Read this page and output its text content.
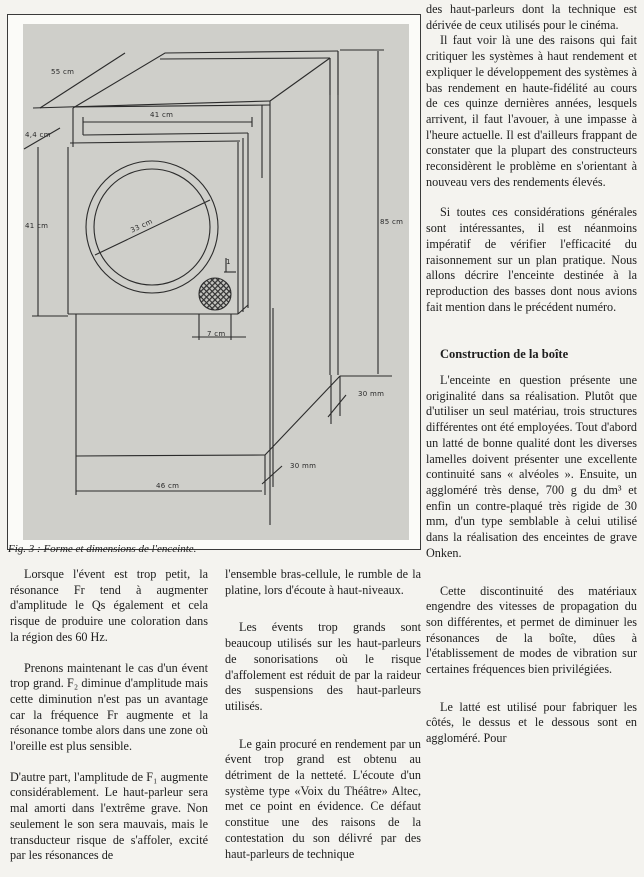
55 cm
41 cm
4,4 cm
41 cm	33 cm	85 cm
1
7 cm
30 mm
30 mm
46 cm
Fig. 3 : Forme et dimensions de l'enceinte.

Lorsque l'évent est trop petit, la résonance Fr tend à augmenter d'amplitude le Qs également et cela risque de produire une coloration dans la région des 60 Hz.

Prenons maintenant le cas d'un évent trop grand. F₂ diminue d'amplitude mais cette diminution n'est pas un avantage car la fréquence Fr augmente et la résonance tombe alors dans une zone où l'oreille est plus sensible.

D'autre part, l'amplitude de F₁ augmente considérablement. Le haut-parleur sera mal amorti dans l'extrême grave. Non seulement le son sera mauvais, mais le transducteur risque de s'affoler, excité par les résonances de

l'ensemble bras-cellule, le rumble de la platine, lors d'écoute à haut-niveaux.

Les évents trop grands sont beaucoup utilisés sur les haut-parleurs de sonorisations où le risque d'affolement est réduit de par la raideur des suspensions des haut-parleurs utilisés.

Le gain procuré en rendement par un évent trop grand est obtenu au détriment de la netteté. L'écoute d'un système type «Voix du Théâtre» Altec, met ce point en évidence. Ce défaut constitue une des raisons de la contestation du son délivré par des haut-parleurs de technique

des haut-parleurs dont la technique est dérivée de ceux utilisés pour le cinéma.

Il faut voir là une des raisons qui fait critiquer les systèmes à haut rendement et expliquer le développement des systèmes à bas rendement en haute-fidélité au cours de ces quinze dernières années, lesquels arrivent, il faut l'avouer, à une impasse à l'heure actuelle. Il est d'ailleurs frappant de constater que la plupart des constructeurs reconsidèrent le problème en s'orientant à nouveau vers des rendements élevés.

Si toutes ces considérations générales sont intéressantes, il est néanmoins impératif de vérifier l'efficacité du raisonnement sur un plan pratique. Nous allons décrire l'enceinte destinée à la reproduction des basses dont nous avions fait mention dans le précédent numéro.

Construction de la boîte

L'enceinte en question présente une originalité dans sa réalisation. Plutôt que d'utiliser un seul matériau, trois structures différentes ont été employées. Tout d'abord un latté de bonne qualité dont les diverses lamelles doivent présenter une excellente continuité sans « alvéoles ». Ensuite, un aggloméré très dense, 700 g du dm³ et enfin un contre-plaqué très rigide de 30 mm, d'un type semblable à celui utilisé dans la réalisation des enceintes de grave Onken.

Cette discontinuité des matériaux engendre des vitesses de propagation du son différentes, et permet de diminuer les résonances de la boîte, dûes à l'établissement de modes de vibration sur certaines fréquences bien privilégiées.

Le latté est utilisé pour fabriquer les côtés, le dessus et le dessous sont en aggloméré. Pour
